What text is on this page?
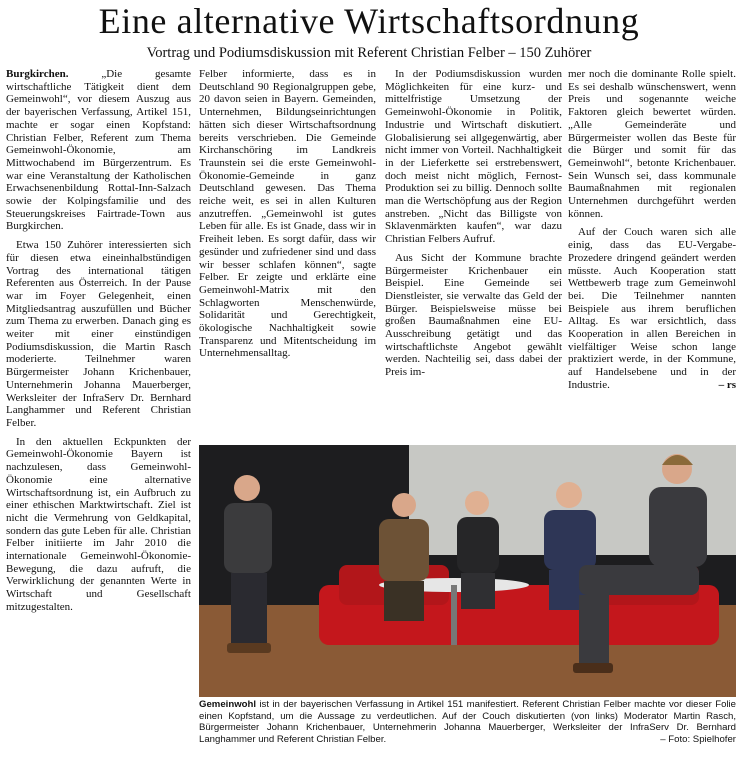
Eine alternative Wirtschaftsordnung

Vortrag und Podiumsdiskussion mit Referent Christian Felber – 150 Zuhörer

Burgkirchen.	„Die gesamte wirtschaftliche Tätigkeit dient dem Gemeinwohl“, vor diesem Auszug aus der bayerischen Verfassung, Artikel 151, machte er sogar einen Kopfstand: Christian Felber, Referent zum Thema Gemeinwohl-Ökonomie, am Mittwochabend im Bürgerzentrum. Es war eine Veranstaltung der Katholischen Erwachsenenbildung Rottal-Inn-Salzach sowie der Kolpingsfamilie und des Steuerungskreises Fairtrade-Town aus Burgkirchen.

Etwa 150 Zuhörer interessierten sich für diesen etwa eineinhalbstündigen Vortrag des international tätigen Referenten aus Österreich. In der Pause war im Foyer Gelegenheit, einen Mitgliedsantrag auszufüllen und Bücher zum Thema zu erwerben. Danach ging es weiter mit einer einstündigen Podiumsdiskussion, die Martin Rasch moderierte. Teilnehmer waren Bürgermeister Johann Krichenbauer, Unternehmerin Johanna Mauerberger, Werksleiter der InfraServ Dr. Bernhard Langhammer und Referent Christian Felber.

In den aktuellen Eckpunkten der Gemeinwohl-Ökonomie Bayern ist nachzulesen, dass Gemeinwohl-Ökonomie eine alternative Wirtschaftsordnung ist, ein Aufbruch zu einer ethischen Marktwirtschaft. Ziel ist nicht die Vermehrung von Geldkapital, sondern das gute Leben für alle. Christian Felber initiierte im Jahr 2010 die internationale Gemeinwohl-Ökonomie-Bewegung, die dazu aufruft, die Verwirklichung der genannten Werte in Wirtschaft und Gesellschaft mitzugestalten.

Felber informierte, dass es in Deutschland 90 Regionalgruppen gebe, 20 davon seien in Bayern. Gemeinden, Unternehmen, Bildungseinrichtungen hätten sich dieser Wirtschaftsordnung bereits verschrieben. Die Gemeinde Kirchanschöring im Landkreis Traunstein sei die erste Gemeinwohl-Ökonomie-Gemeinde in ganz Deutschland gewesen. Das Thema reiche weit, es sei in allen Kulturen anzutreffen. „Gemeinwohl ist gutes Leben für alle. Es ist Gnade, dass wir in Freiheit leben. Es sorgt dafür, dass wir gesünder und zufriedener sind und dass wir besser schlafen können“, sagte Felber. Er zeigte und erklärte eine Gemeinwohl-Matrix mit den Schlagworten Menschenwürde, Solidarität und Gerechtigkeit, ökologische Nachhaltigkeit sowie Transparenz und Mitentscheidung im Unternehmensalltag.

In der Podiumsdiskussion wurden Möglichkeiten für eine kurz- und mittelfristige Umsetzung der Gemeinwohl-Ökonomie in Politik, Industrie und Wirtschaft diskutiert. Globalisierung sei allgegenwärtig, aber nicht immer von Vorteil. Nachhaltigkeit in der Lieferkette sei erstrebenswert, doch meist nicht möglich, Fernost-Produktion sei zu billig. Dennoch sollte man die Wertschöpfung aus der Region anstreben. „Nicht das Billigste von Sklavenmärkten kaufen“, war dazu Christian Felbers Aufruf.

Aus Sicht der Kommune brachte Bürgermeister Krichenbauer ein Beispiel. Eine Gemeinde sei Dienstleister, sie verwalte das Geld der Bürger. Beispielsweise müsse bei großen Baumaßnahmen eine EU-Ausschreibung getätigt und das wirtschaftlichste Angebot gewählt werden. Nachteilig sei, dass dabei der Preis im-

mer noch die dominante Rolle spielt. Es sei deshalb wünschenswert, wenn Preis und sogenannte weiche Faktoren gleich bewertet würden. „Alle Gemeinderäte und Bürgermeister wollen das Beste für die Bürger und somit für das Gemeinwohl“, betonte Krichenbauer. Sein Wunsch sei, dass kommunale Baumaßnahmen mit regionalen Unternehmen durchgeführt werden können.

Auf der Couch waren sich alle einig, dass das EU-Vergabe-Prozedere dringend geändert werden müsste. Auch Kooperation statt Wettbewerb trage zum Gemeinwohl bei. Die Teilnehmer nannten Beispiele aus ihrem beruflichen Alltag. Es war ersichtlich, dass Kooperation in allen Bereichen in vielfältiger Weise schon lange praktiziert werde, in der Kommune, auf Handelsebene und in der Industrie.	– rs

Gemeinwohl ist in der bayerischen Verfassung in Artikel 151 manifestiert. Referent Christian Felber machte vor dieser Folie einen Kopfstand, um die Aussage zu verdeutlichen. Auf der Couch diskutierten (von links) Moderator Martin Rasch, Bürgermeister Johann Krichenbauer, Unternehmerin Johanna Mauerberger, Werksleiter der InfraServ Dr. Bernhard Langhammer und Referent Christian Felber.	– Foto: Spielhofer
